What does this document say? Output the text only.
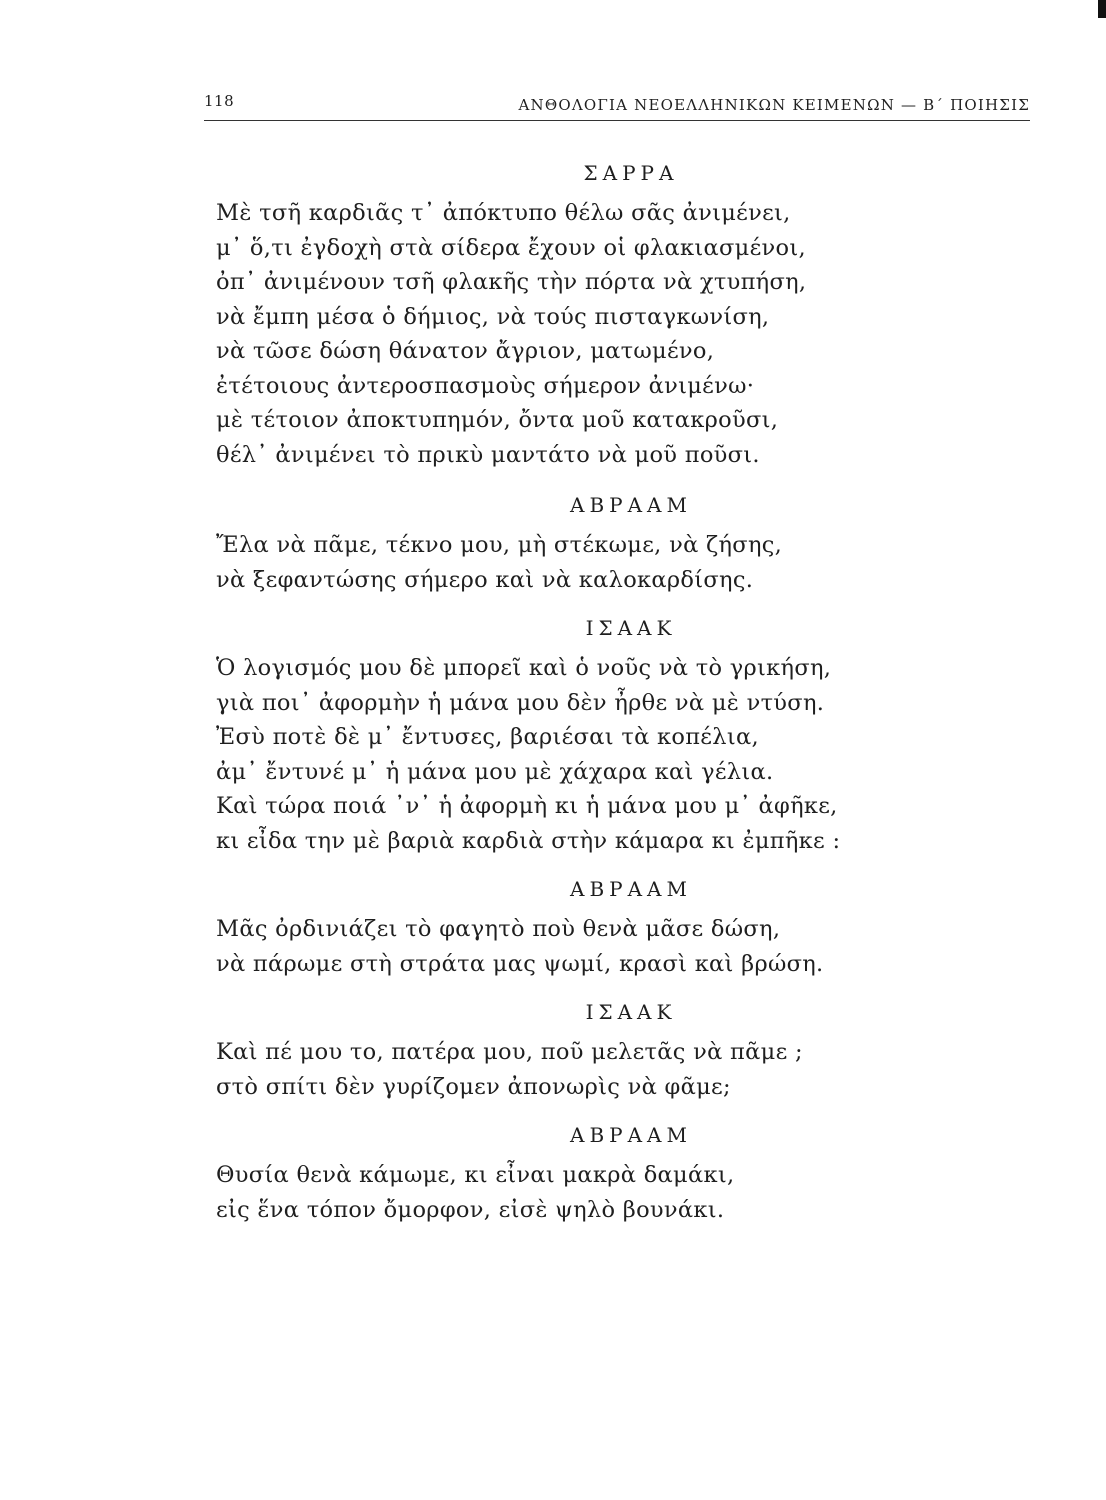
118	ΑΝΘΟΛΟΓΙΑ ΝΕΟΕΛΛΗΝΙΚΩΝ ΚΕΙΜΕΝΩΝ — Β΄ ΠΟΙΗΣΙΣ
ΣΑΡΡΑ
Μὲ τσῆ καρδιᾶς τ᾿ ἀπόκτυπο θέλω σᾶς ἀνιμένει,
μ᾿ ὅ,τι ἐγδοχὴ στὰ σίδερα ἔχουν οἱ φλακιασμένοι,
ὀπ᾿ ἀνιμένουν τσῆ φλακῆς τὴν πόρτα νὰ χτυπήση,
νὰ ἔμπη μέσα ὁ δήμιος, νὰ τούς πισταγκωνίση,
νὰ τῶσε δώση θάνατον ἄγριον, ματωμένο,
ἐτέτοιους ἀντεροσπασμοὺς σήμερον ἀνιμένω·
μὲ τέτοιον ἀποκτυπημόν, ὄντα μοῦ κατακροῦσι,
θέλ᾿ ἀνιμένει τὸ πρικὺ μαντάτο νὰ μοῦ ποῦσι.
ΑΒΡΑΑΜ
Ἔλα νὰ πᾶμε, τέκνο μου, μὴ στέκωμε, νὰ ζήσης,
νὰ ξεφαντώσης σήμερο καὶ νὰ καλοκαρδίσης.
ΙΣΑΑΚ
Ὁ λογισμός μου δὲ μπορεῖ καὶ ὁ νοῦς νὰ τὸ γρικήση,
γιὰ ποι᾿ ἀφορμὴν ἡ μάνα μου δὲν ἦρθε νὰ μὲ ντύση.
Ἐσὺ ποτὲ δὲ μ᾿ ἔντυσες, βαριέσαι τὰ κοπέλια,
ἀμ᾿ ἔντυνέ μ᾿ ἡ μάνα μου μὲ χάχαρα καὶ γέλια.
Καὶ τώρα ποιά ᾿ν᾿ ἡ ἀφορμὴ κι ἡ μάνα μου μ᾿ ἀφῆκε,
κι εἶδα την μὲ βαριὰ καρδιὰ στὴν κάμαρα κι ἐμπῆκε :
ΑΒΡΑΑΜ
Μᾶς ὀρδινιάζει τὸ φαγητὸ ποὺ θενὰ μᾶσε δώση,
νὰ πάρωμε στὴ στράτα μας ψωμί, κρασὶ καὶ βρώση.
ΙΣΑΑΚ
Καὶ πέ μου το, πατέρα μου, ποῦ μελετᾶς νὰ πᾶμε ;
στὸ σπίτι δὲν γυρίζομεν ἀπονωρὶς νὰ φᾶμε;
ΑΒΡΑΑΜ
Θυσία θενὰ κάμωμε, κι εἶναι μακρὰ δαμάκι,
εἰς ἕνα τόπον ὄμορφον, εἰσὲ ψηλὸ βουνάκι.
